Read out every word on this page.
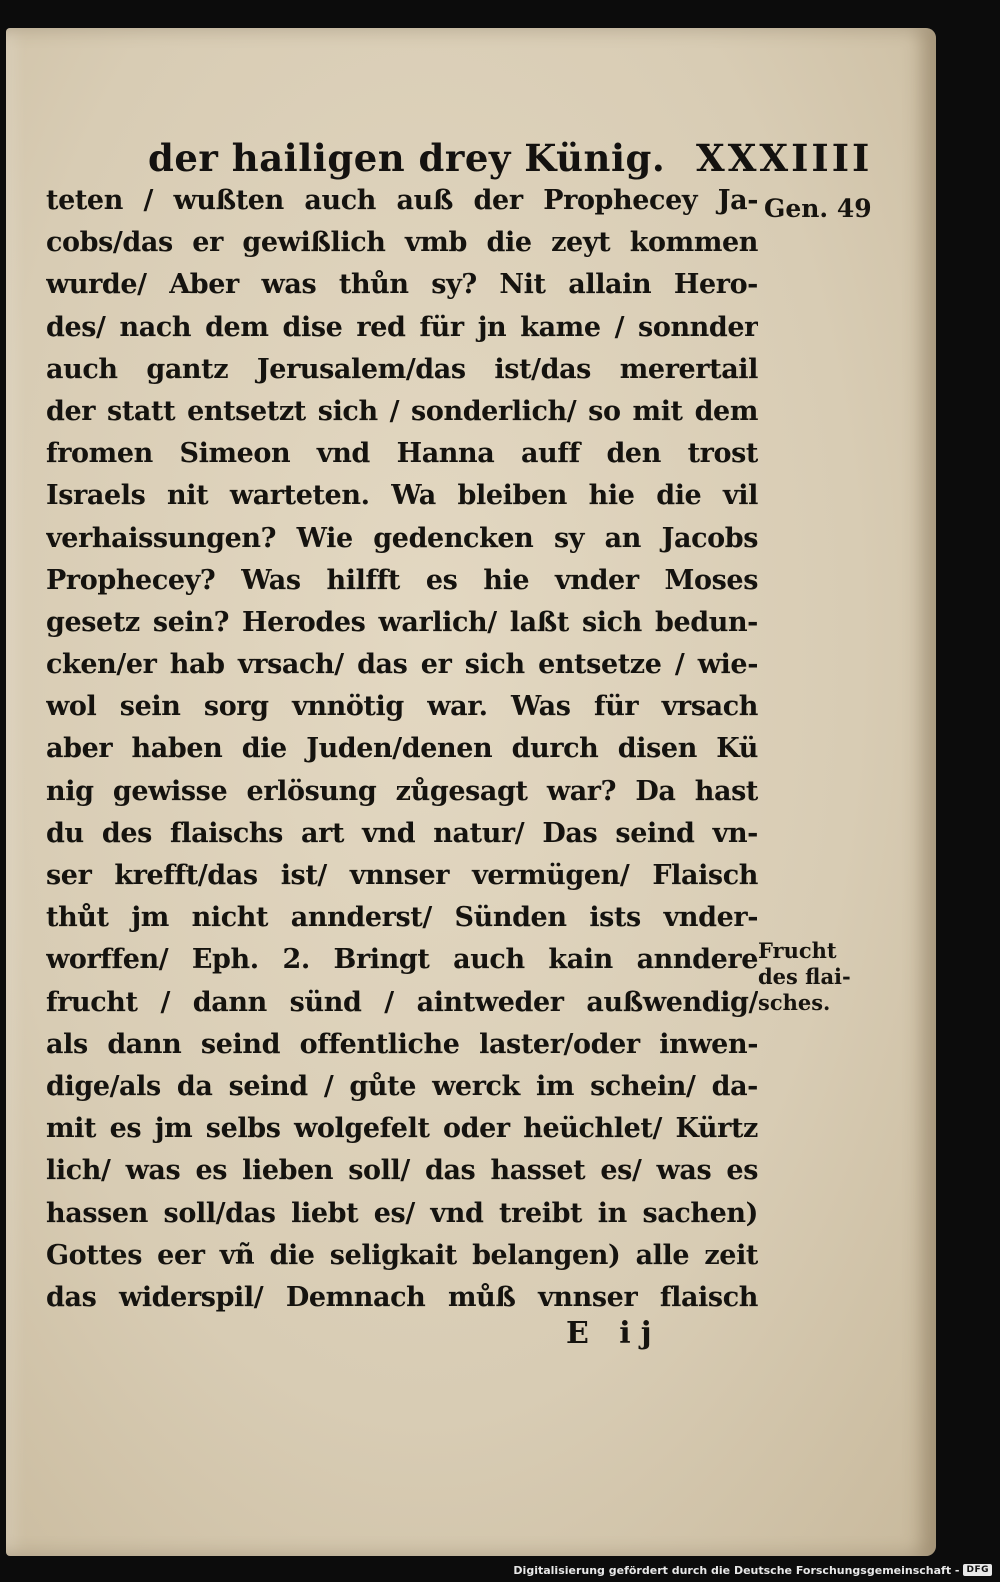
der hailigen drey Künig. XXXIIII
teten / wußten auch auß der Prophecey Ja-
cobs/das er gewißlich vmb die zeyt kommen
wurde/ Aber was thůn sy? Nit allain Hero-
des/ nach dem dise red für jn kame / sonnder
auch gantz Jerusalem/das ist/das merertail
der statt entsetzt sich / sonderlich/ so mit dem
fromen Simeon vnd Hanna auff den trost
Israels nit warteten. Wa bleiben hie die vil
verhaissungen? Wie gedencken sy an Jacobs
Prophecey? Was hilfft es hie vnder Moses
gesetz sein? Herodes warlich/ laßt sich bedun-
cken/er hab vrsach/ das er sich entsetze / wie-
wol sein sorg vnnötig war. Was für vrsach
aber haben die Juden/denen durch disen Kü
nig gewisse erlösung zůgesagt war? Da hast
du des flaischs art vnd natur/ Das seind vn-
ser krefft/das ist/ vnnser vermügen/ Flaisch
thůt jm nicht annderst/ Sünden ists vnder-
worffen/ Eph. 2. Bringt auch kain anndere
frucht / dann sünd / aintweder außwendig/
als dann seind offentliche laster/oder inwen-
dige/als da seind / gůte werck im schein/ da-
mit es jm selbs wolgefelt oder heüchlet/ Kürtz
lich/ was es lieben soll/ das hasset es/ was es
hassen soll/das liebt es/ vnd treibt in sachen)
Gottes eer vñ die seligkait belangen) alle zeit
das widerspil/ Demnach můß vnnser flaisch
Gen. 49
Frucht
des flai-
sches.
E ij
Digitalisierung gefördert durch die Deutsche Forschungsgemeinschaft - DFG
